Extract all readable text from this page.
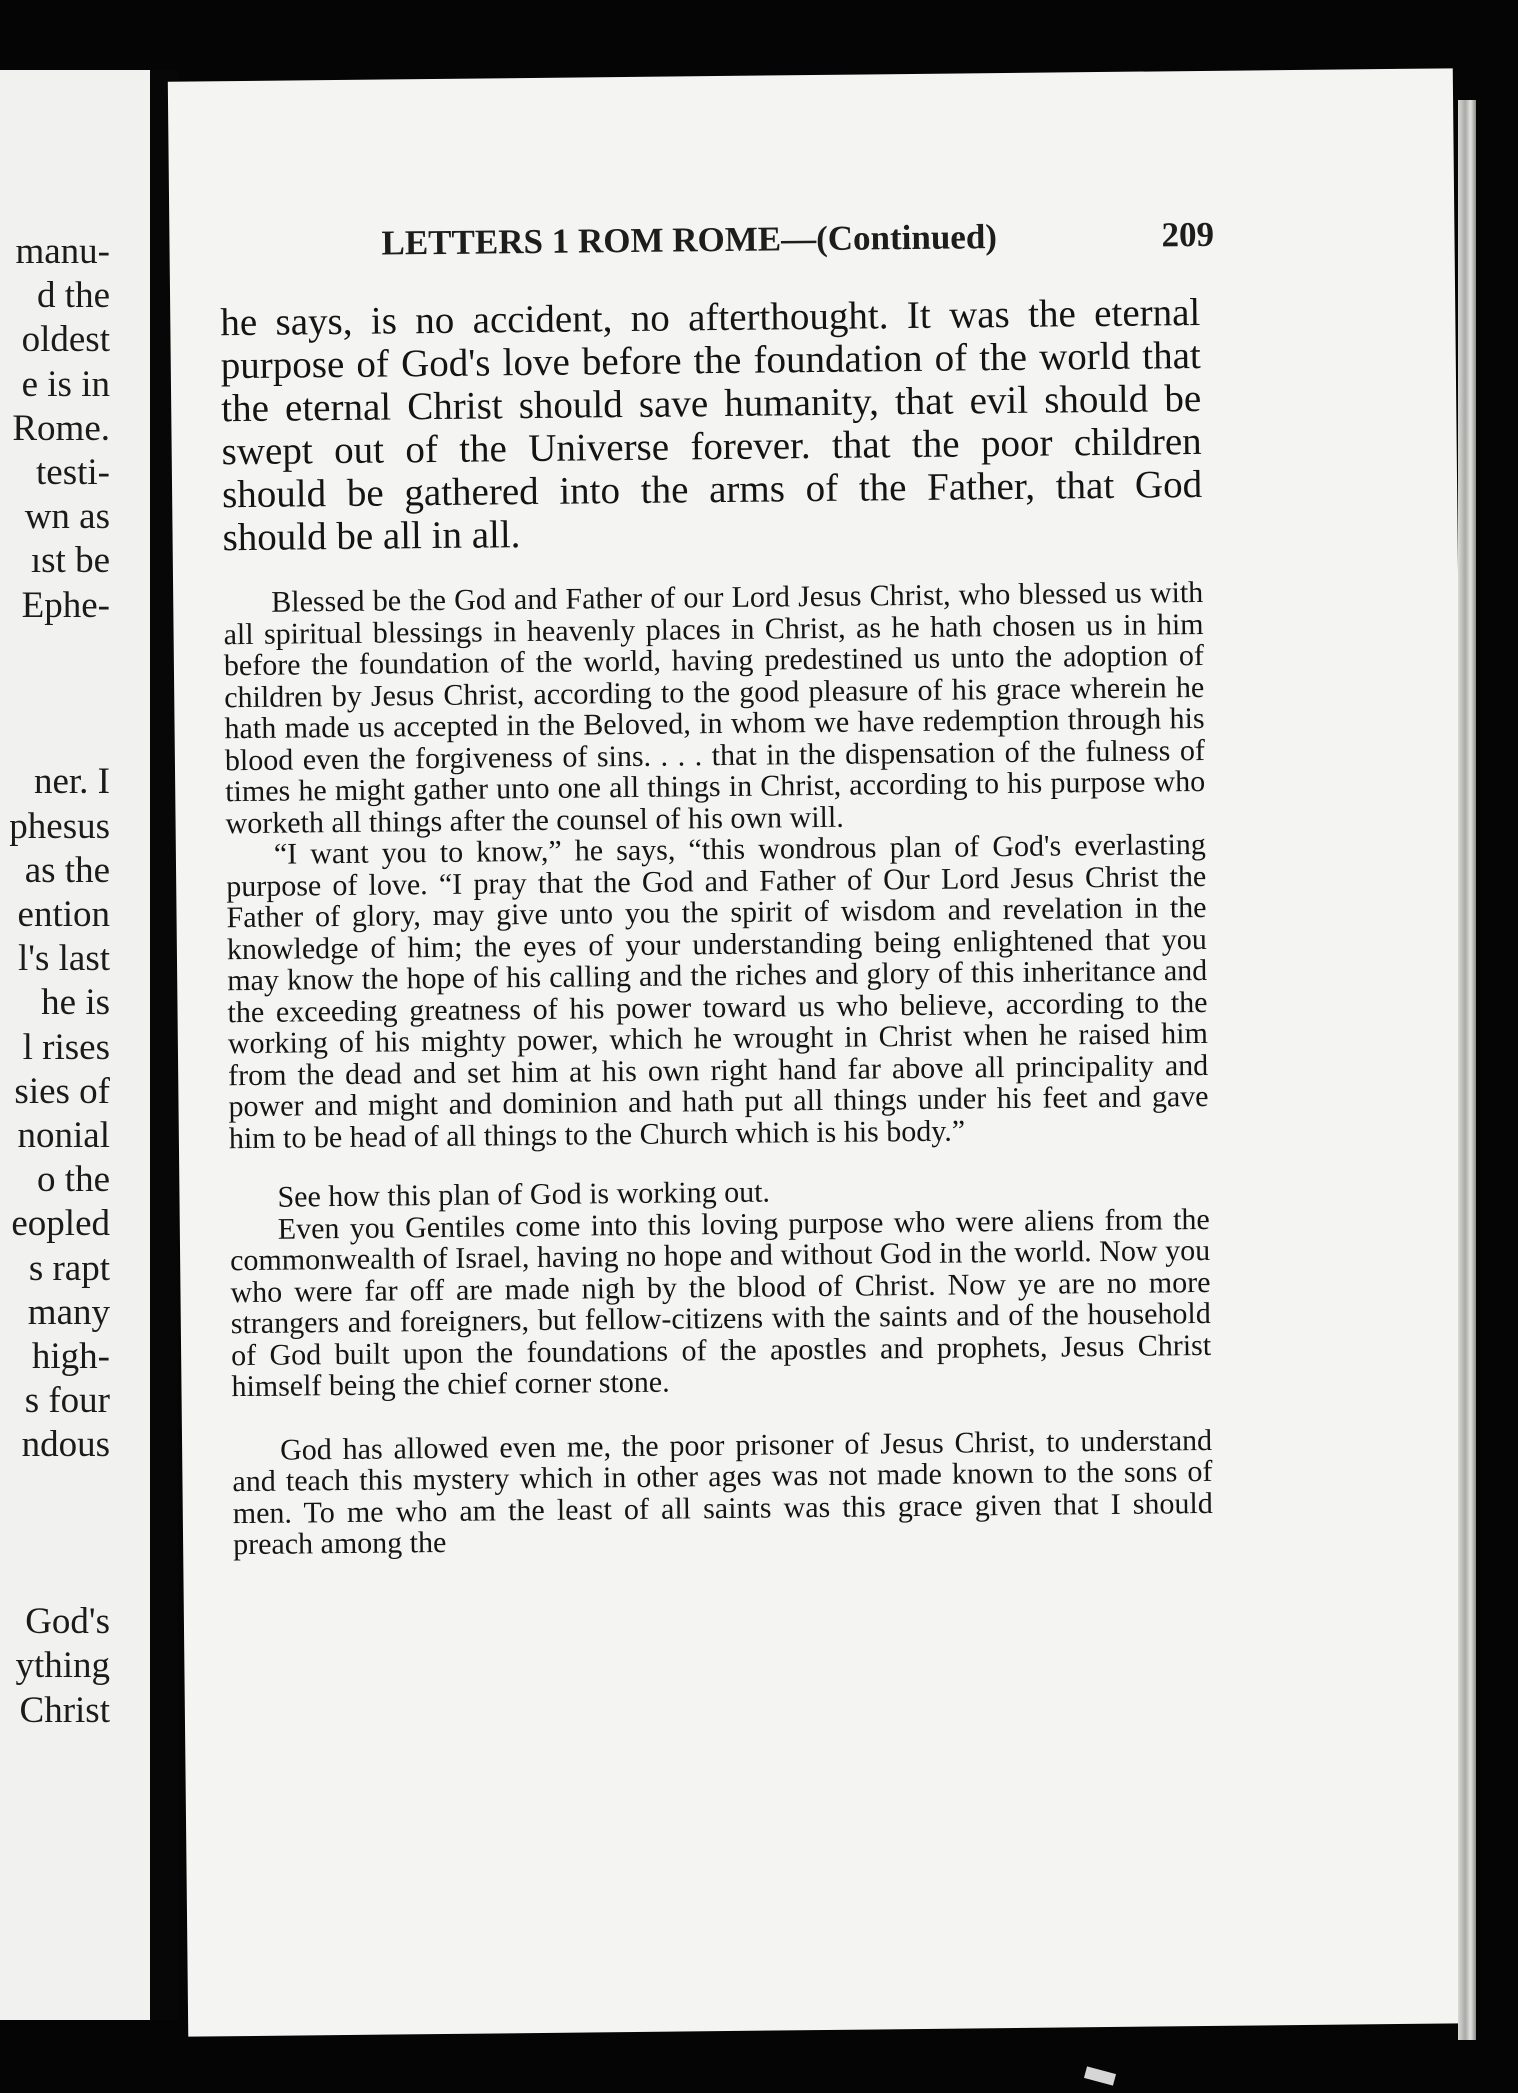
manu-
d the
oldest
e is in
Rome.
testi-
wn as
ıst be
Ephe-
ner. I
phesus
as the
ention
l's last
he is
l rises
sies of
nonial
o the
eopled
s rapt
many
high-
s four
ndous
God's
ything
Christ
LETTERS 1 ROM ROME—(Continued)	209

he says, is no accident, no afterthought. It was the eternal purpose of God's love before the foundation of the world that the eternal Christ should save humanity, that evil should be swept out of the Universe forever. that the poor children should be gathered into the arms of the Father, that God should be all in all.

Blessed be the God and Father of our Lord Jesus Christ, who blessed us with all spiritual blessings in heavenly places in Christ, as he hath chosen us in him before the foundation of the world, having predestined us unto the adoption of children by Jesus Christ, according to the good pleasure of his grace wherein he hath made us accepted in the Beloved, in whom we have redemption through his blood even the forgiveness of sins. . . . that in the dispensation of the fulness of times he might gather unto one all things in Christ, according to his purpose who worketh all things after the counsel of his own will.

“I want you to know,” he says, “this wondrous plan of God's everlasting purpose of love. “I pray that the God and Father of Our Lord Jesus Christ the Father of glory, may give unto you the spirit of wisdom and revelation in the knowledge of him; the eyes of your understanding being enlightened that you may know the hope of his calling and the riches and glory of this inheritance and the exceeding greatness of his power toward us who believe, according to the working of his mighty power, which he wrought in Christ when he raised him from the dead and set him at his own right hand far above all principality and power and might and dominion and hath put all things under his feet and gave him to be head of all things to the Church which is his body.”

See how this plan of God is working out.

Even you Gentiles come into this loving purpose who were aliens from the commonwealth of Israel, having no hope and without God in the world. Now you who were far off are made nigh by the blood of Christ. Now ye are no more strangers and foreigners, but fellow-citizens with the saints and of the household of God built upon the foundations of the apostles and prophets, Jesus Christ himself being the chief corner stone.

God has allowed even me, the poor prisoner of Jesus Christ, to understand and teach this mystery which in other ages was not made known to the sons of men. To me who am the least of all saints was this grace given that I should preach among the
